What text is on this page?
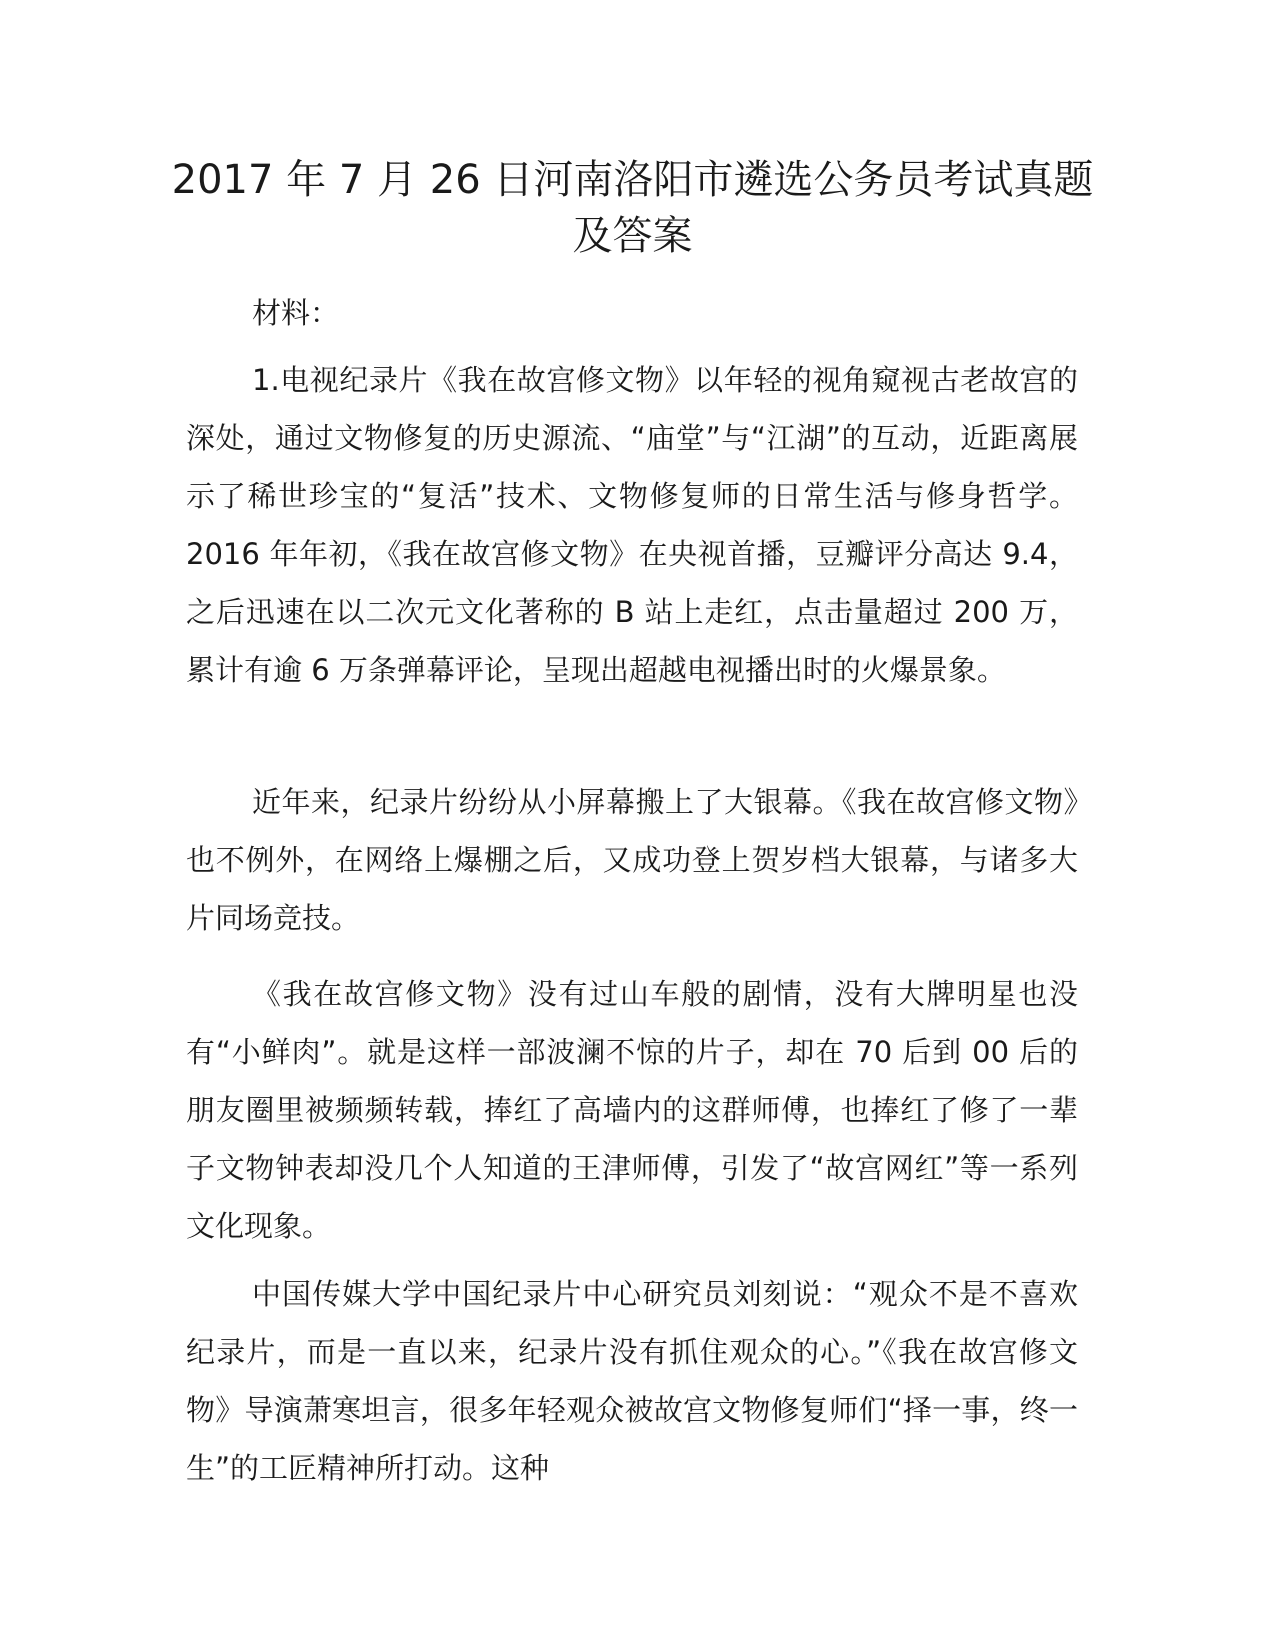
2017 年 7 月 26 日河南洛阳市遴选公务员考试真题及答案

材料：

1.电视纪录片《我在故宫修文物》以年轻的视角窥视古老故宫的深处，通过文物修复的历史源流、“庙堂”与“江湖”的互动，近距离展示了稀世珍宝的“复活”技术、文物修复师的日常生活与修身哲学。2016 年年初，《我在故宫修文物》在央视首播，豆瓣评分高达 9.4，之后迅速在以二次元文化著称的 B 站上走红，点击量超过 200 万，累计有逾 6 万条弹幕评论，呈现出超越电视播出时的火爆景象。

近年来，纪录片纷纷从小屏幕搬上了大银幕。《我在故宫修文物》也不例外，在网络上爆棚之后，又成功登上贺岁档大银幕，与诸多大片同场竞技。

《我在故宫修文物》没有过山车般的剧情，没有大牌明星也没有“小鲜肉”。就是这样一部波澜不惊的片子，却在 70 后到 00 后的朋友圈里被频频转载，捧红了高墙内的这群师傅，也捧红了修了一辈子文物钟表却没几个人知道的王津师傅，引发了“故宫网红”等一系列文化现象。

中国传媒大学中国纪录片中心研究员刘刻说：“观众不是不喜欢纪录片，而是一直以来，纪录片没有抓住观众的心。”《我在故宫修文物》导演萧寒坦言，很多年轻观众被故宫文物修复师们“择一事，终一生”的工匠精神所打动。这种
